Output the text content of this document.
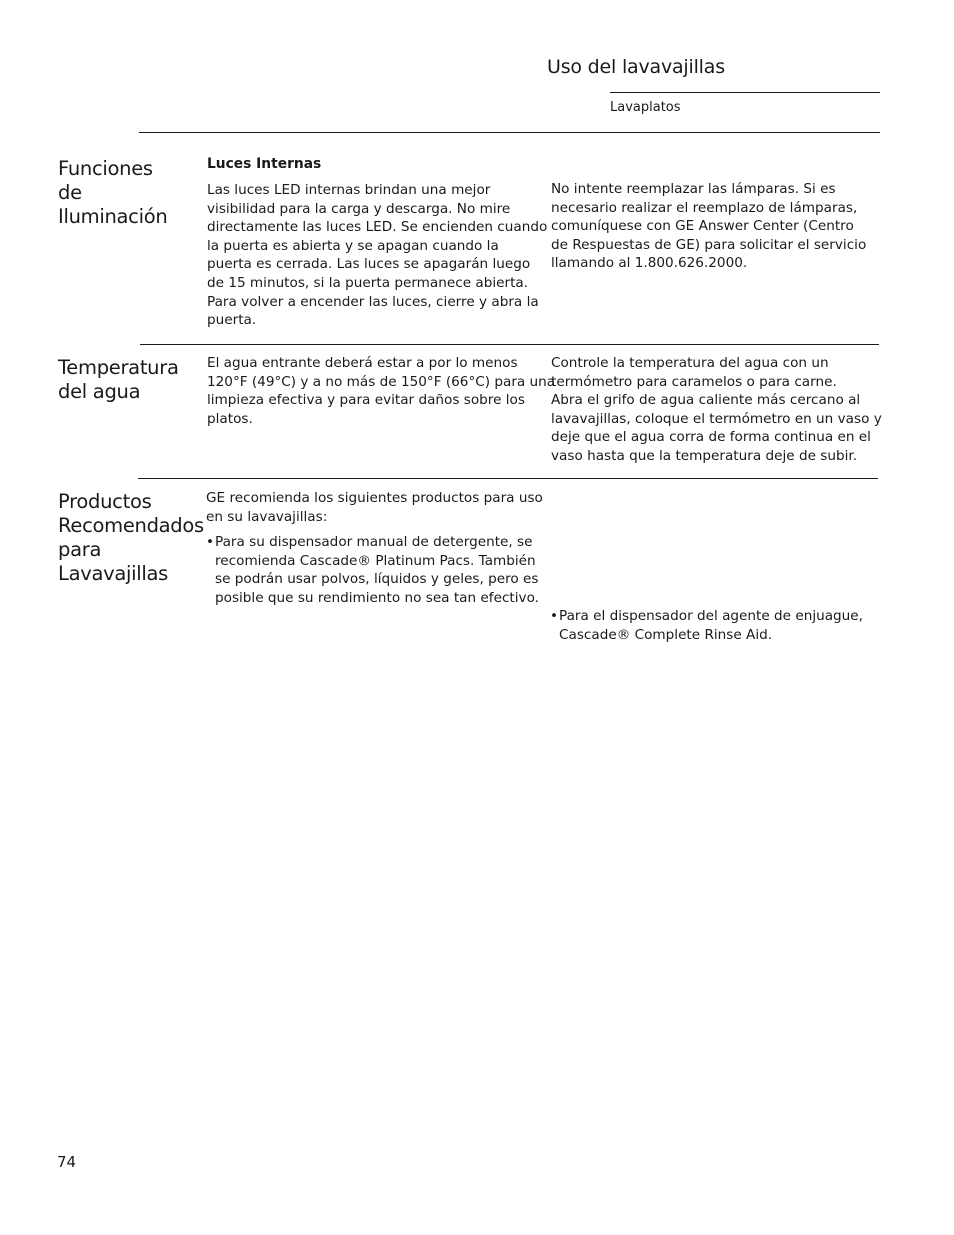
Uso del lavavajillas
Lavaplatos
Funciones
de
Iluminación
Luces Internas
Las luces LED internas brindan una mejor
visibilidad para la carga y descarga. No mire
directamente las luces LED. Se encienden cuando
la puerta es abierta y se apagan cuando la
puerta es cerrada. Las luces se apagarán luego
de 15 minutos, si la puerta permanece abierta.
Para volver a encender las luces, cierre y abra la
puerta.
No intente reemplazar las lámparas. Si es
necesario realizar el reemplazo de lámparas,
comuníquese con GE Answer Center (Centro
de Respuestas de GE) para solicitar el servicio
llamando al 1.800.626.2000.
Temperatura
del agua
El agua entrante deberá estar a por lo menos
120°F (49°C) y a no más de 150°F (66°C) para una
limpieza efectiva y para evitar daños sobre los
platos.
Controle la temperatura del agua con un
termómetro para caramelos o para carne.
Abra el grifo de agua caliente más cercano al
lavavajillas, coloque el termómetro en un vaso y
deje que el agua corra de forma continua en el
vaso hasta que la temperatura deje de subir.
Productos
Recomendados
para
Lavavajillas
GE recomienda los siguientes productos para uso
en su lavavajillas:
• Para su dispensador manual de detergente, se
recomienda Cascade® Platinum Pacs. También
se podrán usar polvos, líquidos y geles, pero es
posible que su rendimiento no sea tan efectivo.
• Para el dispensador del agente de enjuague,
Cascade® Complete Rinse Aid.
74
